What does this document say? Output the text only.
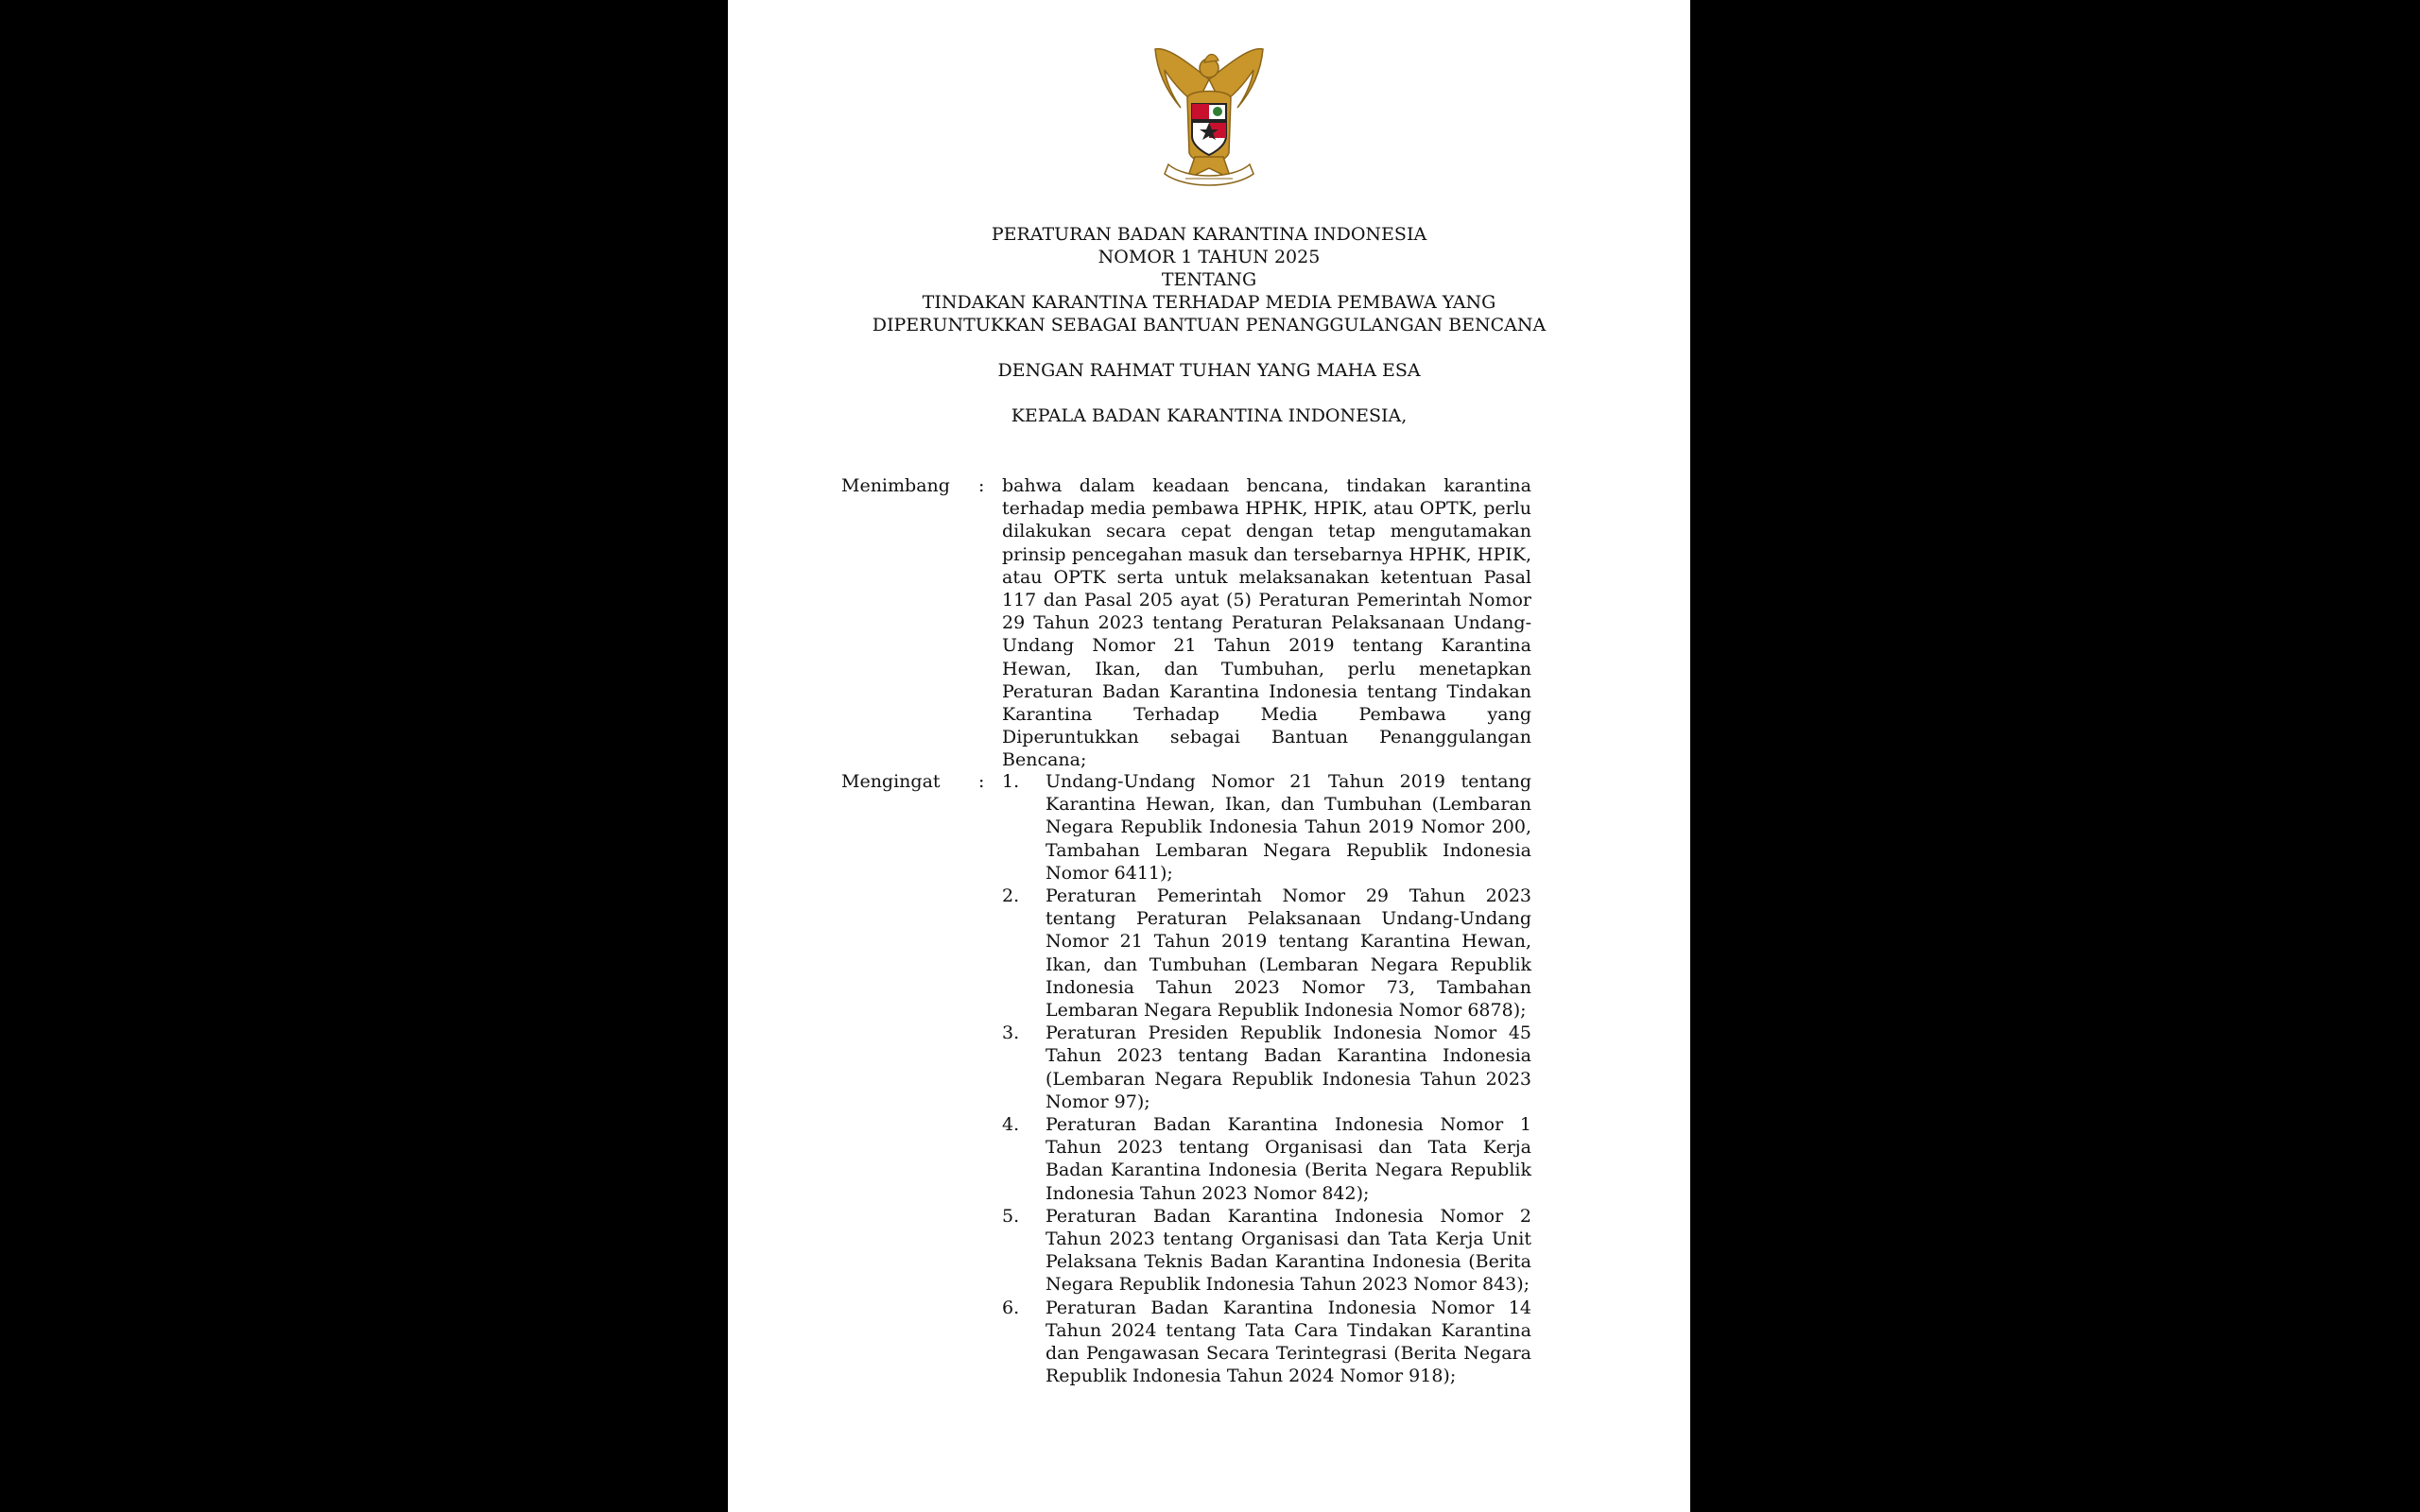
PERATURAN BADAN KARANTINA INDONESIA
NOMOR 1 TAHUN 2025
TENTANG
TINDAKAN KARANTINA TERHADAP MEDIA PEMBAWA YANG
DIPERUNTUKKAN SEBAGAI BANTUAN PENANGGULANGAN BENCANA
DENGAN RAHMAT TUHAN YANG MAHA ESA
KEPALA BADAN KARANTINA INDONESIA,
Menimbang	: bahwa dalam keadaan bencana, tindakan karantina terhadap media pembawa HPHK, HPIK, atau OPTK, perlu dilakukan secara cepat dengan tetap mengutamakan prinsip pencegahan masuk dan tersebarnya HPHK, HPIK, atau OPTK serta untuk melaksanakan ketentuan Pasal 117 dan Pasal 205 ayat (5) Peraturan Pemerintah Nomor 29 Tahun 2023 tentang Peraturan Pelaksanaan Undang-Undang Nomor 21 Tahun 2019 tentang Karantina Hewan, Ikan, dan Tumbuhan, perlu menetapkan Peraturan Badan Karantina Indonesia tentang Tindakan Karantina Terhadap Media Pembawa yang Diperuntukkan sebagai Bantuan Penanggulangan Bencana;
Mengingat	: 1. Undang-Undang Nomor 21 Tahun 2019 tentang Karantina Hewan, Ikan, dan Tumbuhan (Lembaran Negara Republik Indonesia Tahun 2019 Nomor 200, Tambahan Lembaran Negara Republik Indonesia Nomor 6411);
2. Peraturan Pemerintah Nomor 29 Tahun 2023 tentang Peraturan Pelaksanaan Undang-Undang Nomor 21 Tahun 2019 tentang Karantina Hewan, Ikan, dan Tumbuhan (Lembaran Negara Republik Indonesia Tahun 2023 Nomor 73, Tambahan Lembaran Negara Republik Indonesia Nomor 6878);
3. Peraturan Presiden Republik Indonesia Nomor 45 Tahun 2023 tentang Badan Karantina Indonesia (Lembaran Negara Republik Indonesia Tahun 2023 Nomor 97);
4. Peraturan Badan Karantina Indonesia Nomor 1 Tahun 2023 tentang Organisasi dan Tata Kerja Badan Karantina Indonesia (Berita Negara Republik Indonesia Tahun 2023 Nomor 842);
5. Peraturan Badan Karantina Indonesia Nomor 2 Tahun 2023 tentang Organisasi dan Tata Kerja Unit Pelaksana Teknis Badan Karantina Indonesia (Berita Negara Republik Indonesia Tahun 2023 Nomor 843);
6. Peraturan Badan Karantina Indonesia Nomor 14 Tahun 2024 tentang Tata Cara Tindakan Karantina dan Pengawasan Secara Terintegrasi (Berita Negara Republik Indonesia Tahun 2024 Nomor 918);
